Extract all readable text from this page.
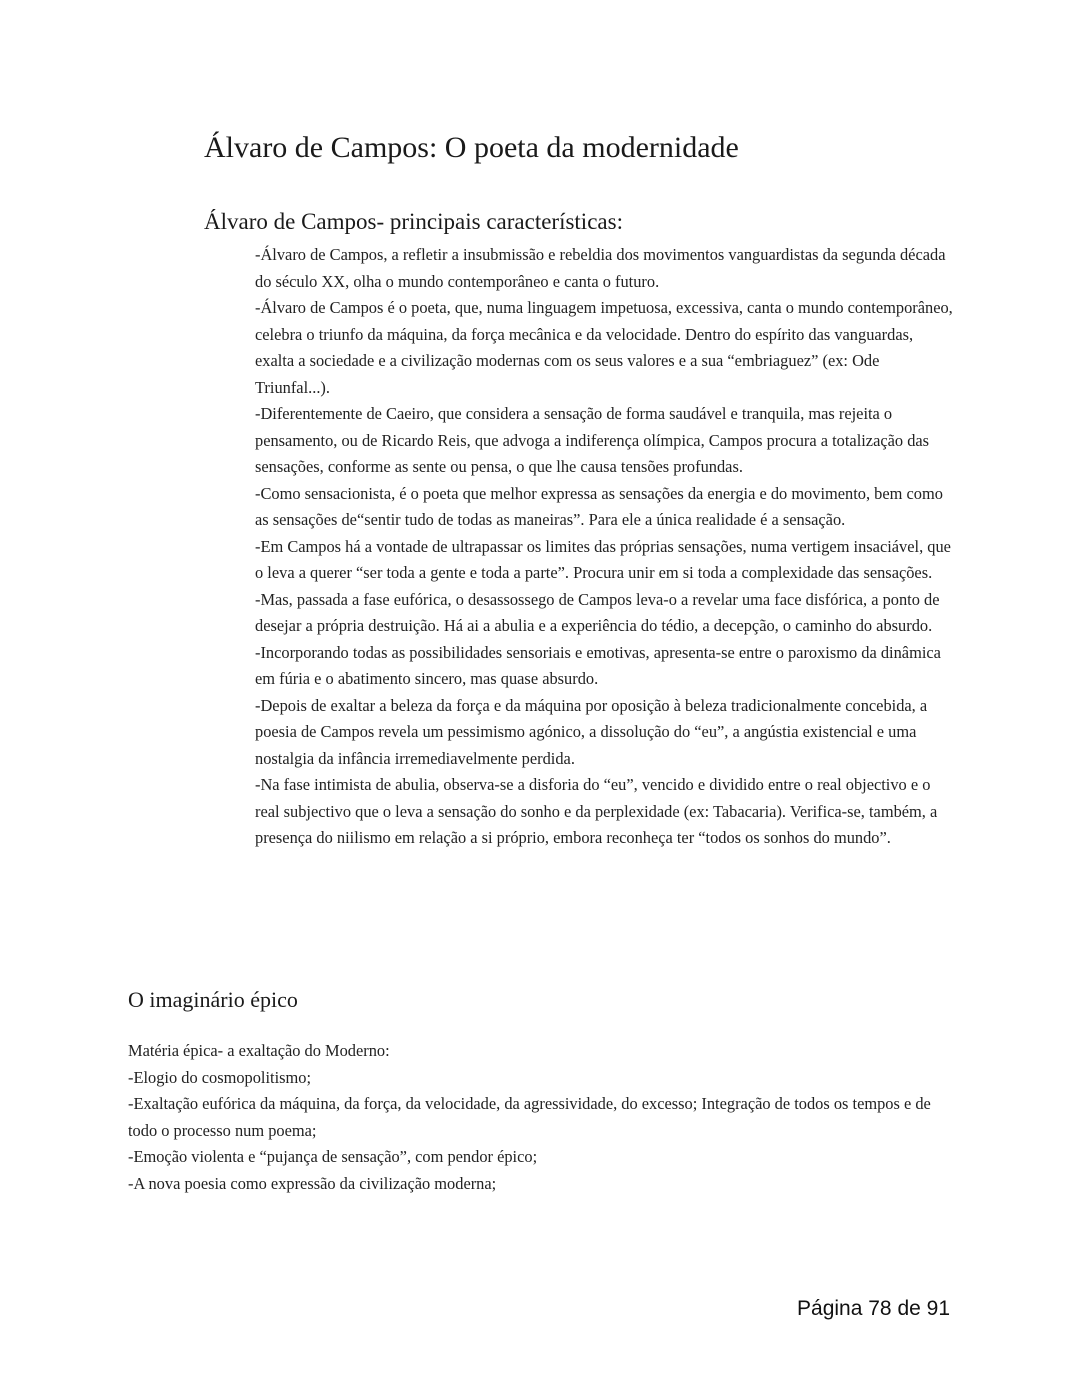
Álvaro de Campos: O poeta da modernidade
Álvaro de Campos- principais características:
-Álvaro de Campos, a refletir a insubmissão e rebeldia dos movimentos vanguardistas da segunda década do século XX, olha o mundo contemporâneo e canta o futuro.
-Álvaro de Campos é o poeta, que, numa linguagem impetuosa, excessiva, canta o mundo contemporâneo, celebra o triunfo da máquina, da força mecânica e da velocidade. Dentro do espírito das vanguardas, exalta a sociedade e a civilização modernas com os seus valores e a sua “embriaguez” (ex: Ode Triunfal...).
-Diferentemente de Caeiro, que considera a sensação de forma saudável e tranquila, mas rejeita o pensamento, ou de Ricardo Reis, que advoga a indiferença olímpica, Campos procura a totalização das sensações, conforme as sente ou pensa, o que lhe causa tensões profundas.
-Como sensacionista, é o poeta que melhor expressa as sensações da energia e do movimento, bem como as sensações de“sentir tudo de todas as maneiras”. Para ele a única realidade é a sensação.
-Em Campos há a vontade de ultrapassar os limites das próprias sensações, numa vertigem insaciável, que o leva a querer “ser toda a gente e toda a parte”. Procura unir em si toda a complexidade das sensações.
-Mas, passada a fase eufórica, o desassossego de Campos leva-o a revelar uma face disfórica, a ponto de desejar a própria destruição. Há ai a abulia e a experiência do tédio, a decepção, o caminho do absurdo.
-Incorporando todas as possibilidades sensoriais e emotivas, apresenta-se entre o paroxismo da dinâmica em fúria e o abatimento sincero, mas quase absurdo.
-Depois de exaltar a beleza da força e da máquina por oposição à beleza tradicionalmente concebida, a poesia de Campos revela um pessimismo agónico, a dissolução do “eu”, a angústia existencial e uma nostalgia da infância irremediavelmente perdida.
-Na fase intimista de abulia, observa-se a disforia do “eu”, vencido e dividido entre o real objectivo e o real subjectivo que o leva a sensação do sonho e da perplexidade (ex: Tabacaria). Verifica-se, também, a presença do niilismo em relação a si próprio, embora reconheça ter “todos os sonhos do mundo”.
O imaginário épico
Matéria épica- a exaltação do Moderno:
-Elogio do cosmopolitismo;
-Exaltação eufórica da máquina, da força, da velocidade, da agressividade, do excesso; Integração de todos os tempos e de todo o processo num poema;
-Emoção violenta e “pujança de sensação”, com pendor épico;
-A nova poesia como expressão da civilização moderna;
Página 78 de 91
